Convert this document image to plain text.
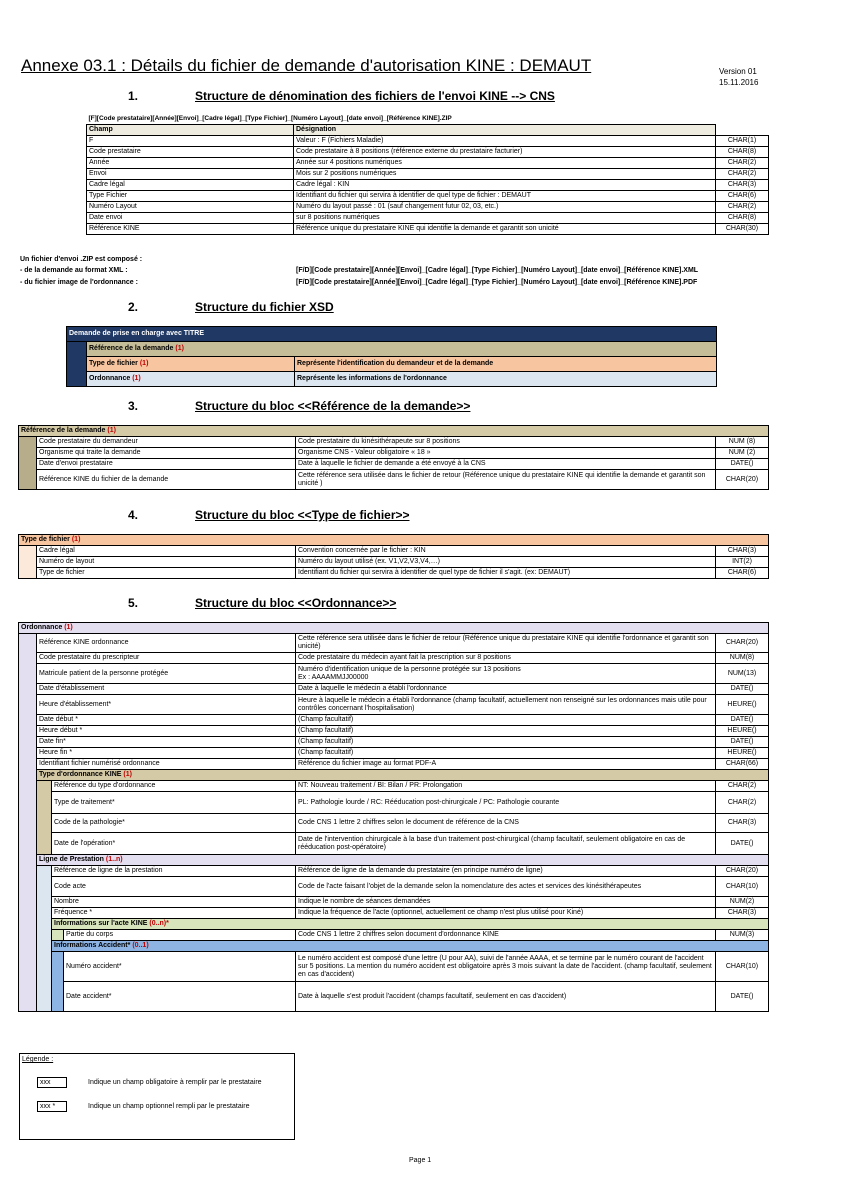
Annexe 03.1 : Détails du fichier de demande d'autorisation KINE : DEMAUT	Version 01
15.11.2016
1.	Structure de dénomination des fichiers de l'envoi KINE --> CNS
[F][Code prestataire][Année][Envoi]_[Cadre légal]_[Type Fichier]_[Numéro Layout]_[date envoi]_[Référence KINE].ZIP		
Champ	Désignation	
F	Valeur : F (Fichiers Maladie)	CHAR(1)
Code prestataire	Code prestataire à 8 positions (référence externe du prestataire facturier)	CHAR(8)
Année	Année sur 4 positions numériques	CHAR(2)
Envoi	Mois sur 2 positions numériques	CHAR(2)
Cadre légal	Cadre légal : KIN	CHAR(3)
Type Fichier	Identifiant du fichier qui servira à identifier de quel type de fichier : DEMAUT	CHAR(6)
Numéro Layout	Numéro du layout passé : 01 (sauf changement futur 02, 03, etc.)	CHAR(2)
Date envoi	sur 8 positions numériques	CHAR(8)
Référence KINE	Référence unique du prestataire KINE qui identifie la demande et garantit son unicité	CHAR(30)
Un fichier d'envoi .ZIP est composé :
- de la demande au format XML :	[F/D][Code prestataire][Année][Envoi]_[Cadre légal]_[Type Fichier]_[Numéro Layout]_[date envoi]_[Référence KINE].XML
- du fichier image de l'ordonnance :	[F/D][Code prestataire][Année][Envoi]_[Cadre légal]_[Type Fichier]_[Numéro Layout]_[date envoi]_[Référence KINE].PDF
2.	Structure du fichier XSD
Demande de prise en charge avec TITRE		
	Référence de la demande (1)	
	Type de fichier (1)	Représente l'identification du demandeur et de la demande
	Ordonnance (1)	Représente les informations de l'ordonnance
3.	Structure du bloc <<Référence de la demande>>
Référence de la demande (1)			
	Code prestataire du demandeur	Code prestataire du kinésithérapeute sur 8 positions	NUM (8)
	Organisme qui traite la demande	Organisme CNS - Valeur obligatoire « 18 »	NUM (2)
	Date d'envoi prestataire	Date à laquelle le fichier de demande a été envoyé à la CNS	DATE()
	Référence KINE du fichier de la demande	Cette référence sera utilisée dans le fichier de retour (Référence unique du prestataire KINE qui identifie la demande et garantit son unicité )	CHAR(20)
4.	Structure du bloc <<Type de fichier>>
Type de fichier (1)			
	Cadre légal	Convention concernée par le fichier : KIN	CHAR(3)
	Numéro de layout	Numéro du layout utilisé (ex. V1,V2,V3,V4,…)	INT(2)
	Type de fichier	Identifiant du fichier qui servira à identifier de quel type de fichier il s'agit. (ex: DEMAUT)	CHAR(6)
5.	Structure du bloc <<Ordonnance>>
Ordonnance (1)					
	Référence KINE ordonnance			Cette référence sera utilisée dans le fichier de retour (Référence unique du prestataire KINE qui identifie l'ordonnance et garantit son unicité)	CHAR(20)
	Code prestataire du prescripteur			Code prestataire du médecin ayant fait la prescription sur 8 positions	NUM(8)
	Matricule patient de la personne protégée			Numéro d'identification unique de la personne protégée sur 13 positions
Ex : AAAAMMJJ00000	NUM(13)
	Date d'établissement			Date à laquelle le médecin a établi l'ordonnance	DATE()
	Heure d'établissement*			Heure à laquelle le médecin a établi l'ordonnance (champ facultatif, actuellement non renseigné sur les ordonnances mais utile pour contrôles concernant l'hospitalisation)	HEURE()
	Date début *			(Champ facultatif)	DATE()
	Heure début *			(Champ facultatif)	HEURE()
	Date fin*			(Champ facultatif)	DATE()
	Heure fin *			(Champ facultatif)	HEURE()
	Identifiant fichier numérisé ordonnance			Référence du fichier image au format PDF-A	CHAR(66)
	Type d'ordonnance KINE (1)				
		Référence du type d'ordonnance		NT: Nouveau traitement / BI: Bilan / PR: Prolongation	CHAR(2)
		Type de traitement*		PL: Pathologie lourde / RC: Rééducation post-chirurgicale / PC: Pathologie courante	CHAR(2)
		Code de la pathologie*		Code CNS 1 lettre 2 chiffres selon le document de référence de la CNS	CHAR(3)
		Date de l'opération*		Date de l'intervention chirurgicale à la base d'un traitement post-chirurgical (champ facultatif, seulement obligatoire en cas de rééducation post-opératoire)	DATE()
	Ligne de Prestation (1..n)				
		Référence de ligne de la prestation		Référence de ligne de la demande du prestataire (en principe numéro de ligne)	CHAR(20)
		Code acte		Code de l'acte faisant l'objet de la demande selon la nomenclature des actes et services des kinésithérapeutes	CHAR(10)
		Nombre		Indique le nombre de séances demandées	NUM(2)
		Fréquence *		Indique la fréquence de l'acte (optionnel, actuellement ce champ n'est plus utilisé pour Kiné)	CHAR(3)
		Informations sur l'acte KINE (0..n)*			
			Partie du corps	Code CNS 1 lettre 2 chiffres selon document d'ordonnance KINE	NUM(3)
		Informations Accident* (0..1)			
			Numéro accident*	Le numéro accident est composé d'une lettre (U pour AA), suivi de l'année AAAA, et se termine par le numéro courant de l'accident sur 5 positions. La mention du numéro accident est obligatoire après 3 mois suivant la date de l'accident. (champ facultatif, seulement en cas d'accident)	CHAR(10)
			Date accident*	Date à laquelle s'est produit l'accident (champs facultatif, seulement en cas d'accident)	DATE()
Légende :
xxx	Indique un champ obligatoire à remplir par le prestataire
xxx *	Indique un champ optionnel rempli par le prestataire
Page 1
